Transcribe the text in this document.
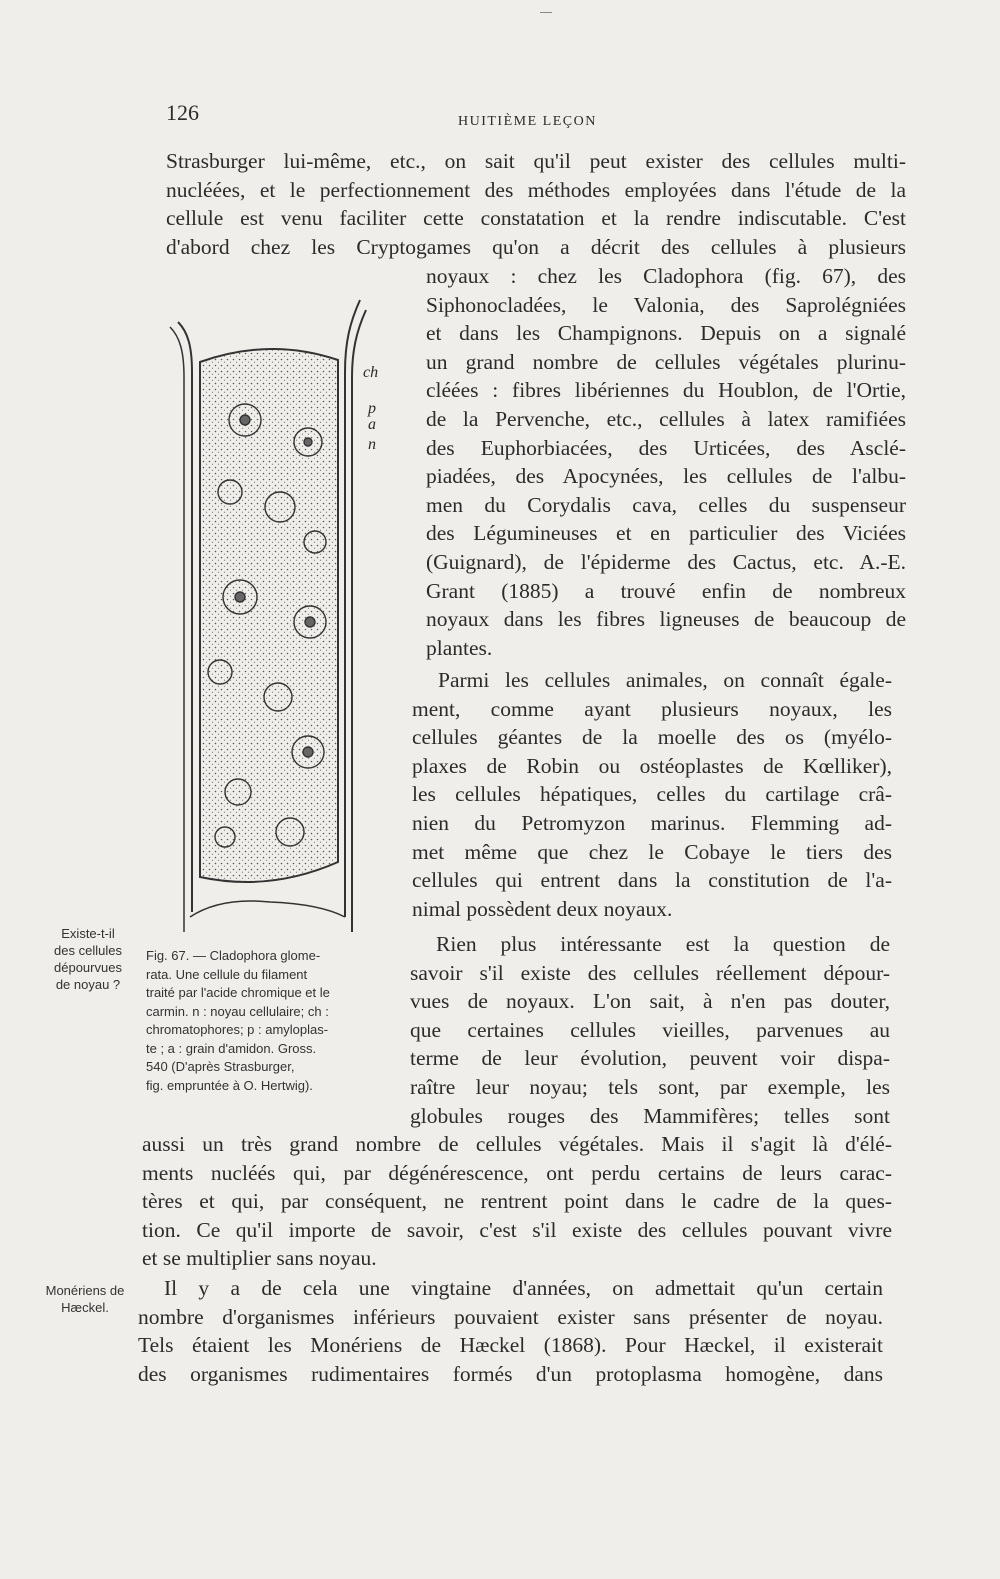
126	HUITIÈME LEÇON
Strasburger lui-même, etc., on sait qu'il peut exister des cellules multi-
nucléées, et le perfectionnement des méthodes employées dans l'étude de la
cellule est venu faciliter cette constatation et la rendre indiscutable. C'est
d'abord chez les Cryptogames qu'on a décrit des cellules à plusieurs
noyaux : chez les Cladophora (fig. 67), des
Siphonocladées, le Valonia, des Saprolégniées
et dans les Champignons. Depuis on a signalé
un grand nombre de cellules végétales plurinu-
cléées : fibres libériennes du Houblon, de l'Ortie,
de la Pervenche, etc., cellules à latex ramifiées
des Euphorbiacées, des Urticées, des Asclé-
piadées, des Apocynées, les cellules de l'albu-
men du Corydalis cava, celles du suspenseur
des Légumineuses et en particulier des Viciées
(Guignard), de l'épiderme des Cactus, etc. A.-E.
Grant (1885) a trouvé enfin de nombreux
noyaux dans les fibres ligneuses de beaucoup de
plantes.
Parmi les cellules animales, on connaît égale-
ment, comme ayant plusieurs noyaux, les
cellules géantes de la moelle des os (myélo-
plaxes de Robin ou ostéoplastes de Kœlliker),
les cellules hépatiques, celles du cartilage crâ-
nien du Petromyzon marinus. Flemming ad-
met même que chez le Cobaye le tiers des
cellules qui entrent dans la constitution de l'a-
nimal possèdent deux noyaux.
Rien plus intéressante est la question de
savoir s'il existe des cellules réellement dépour-
vues de noyaux. L'on sait, à n'en pas douter,
que certaines cellules vieilles, parvenues au
terme de leur évolution, peuvent voir dispa-
raître leur noyau; tels sont, par exemple, les
globules rouges des Mammifères; telles sont
aussi un très grand nombre de cellules végétales. Mais il s'agit là d'élé-
ments nucléés qui, par dégénérescence, ont perdu certains de leurs carac-
tères et qui, par conséquent, ne rentrent point dans le cadre de la ques-
tion. Ce qu'il importe de savoir, c'est s'il existe des cellules pouvant vivre
et se multiplier sans noyau.
Il y a de cela une vingtaine d'années, on admettait qu'un certain
nombre d'organismes inférieurs pouvaient exister sans présenter de noyau.
Tels étaient les Monériens de Hæckel (1868). Pour Hæckel, il existerait
des organismes rudimentaires formés d'un protoplasma homogène, dans
Existe-t-il
des cellules
dépourvues
de noyau ?
Monériens de
Hæckel.
ch
p
a
n
Fig. 67. — Cladophora glome-
rata. Une cellule du filament
traité par l'acide chromique et le
carmin. n : noyau cellulaire; ch :
chromatophores; p : amyloplas-
te ; a : grain d'amidon. Gross.
540 (D'après Strasburger,
fig. empruntée à O. Hertwig).
